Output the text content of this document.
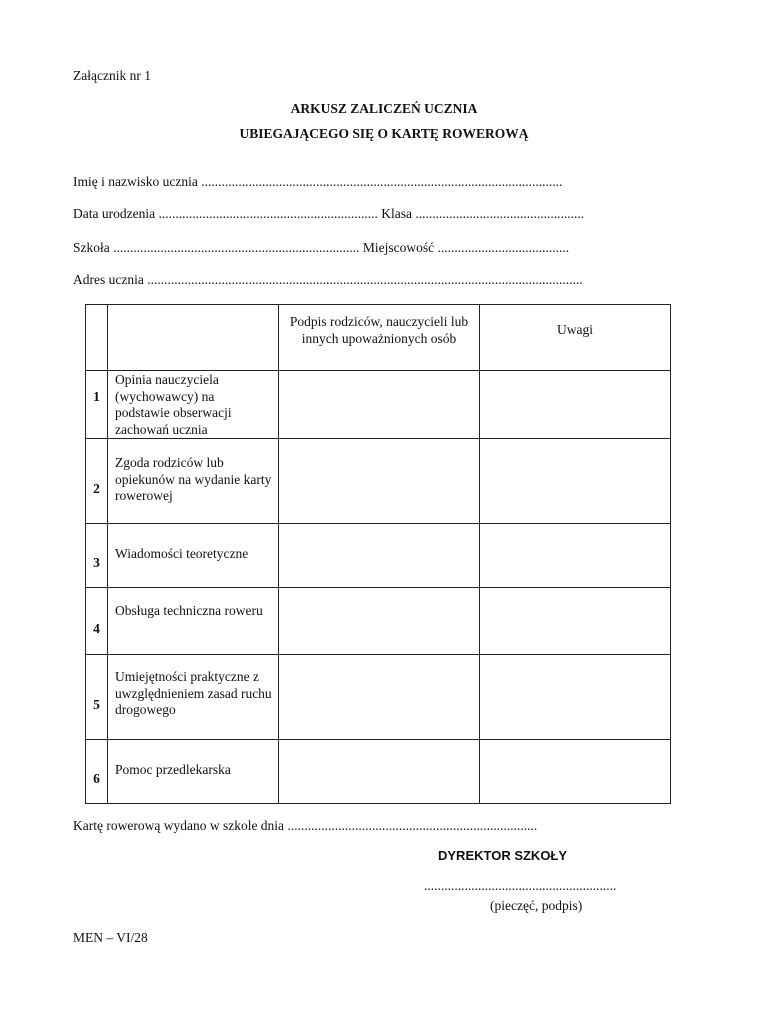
Załącznik nr 1
ARKUSZ ZALICZEŃ UCZNIA
UBIEGAJĄCEGO SIĘ O KARTĘ ROWEROWĄ
Imię i nazwisko ucznia ...........................................................................................................
Data urodzenia ................................................................. Klasa ..................................................
Szkoła ......................................................................... Miejscowość .......................................
Adres ucznia .................................................................................................................................
		Podpis rodziców, nauczycieli lub innych upoważnionych osób	Uwagi
1	Opinia nauczyciela (wychowawcy) na podstawie obserwacji zachowań ucznia		

2	Zgoda rodziców lub opiekunów na wydanie karty rowerowej		

3	Wiadomości teoretyczne		

4	Obsługa techniczna roweru		

5	Umiejętności praktyczne z uwzględnieniem zasad ruchu drogowego		

6	Pomoc przedlekarska		

Kartę rowerową wydano w szkole dnia ..........................................................................
DYREKTOR SZKOŁY
.........................................................
(pieczęć, podpis)
MEN – VI/28
